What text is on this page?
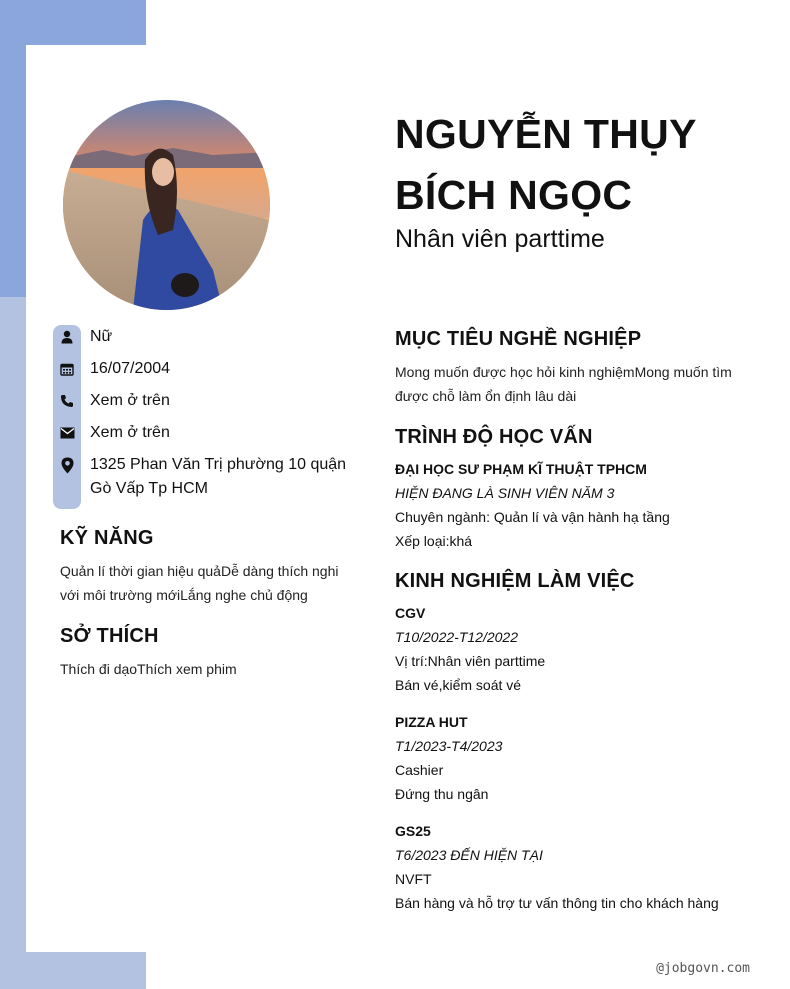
NGUYỄN THỤY
BÍCH NGỌC
Nhân viên parttime
Nữ
16/07/2004
Xem ở trên
Xem ở trên
1325 Phan Văn Trị phường 10 quận Gò Vấp Tp HCM
KỸ NĂNG
Quản lí thời gian hiệu quảDễ dàng thích nghi với môi trường mớiLắng nghe chủ động
SỞ THÍCH
Thích đi dạoThích xem phim
MỤC TIÊU NGHỀ NGHIỆP
Mong muốn được học hỏi kinh nghiệmMong muốn tìm được chỗ làm ổn định lâu dài
TRÌNH ĐỘ HỌC VẤN
ĐẠI HỌC SƯ PHẠM KĨ THUẬT TPHCM
HIỆN ĐANG LÀ SINH VIÊN NĂM 3
Chuyên ngành: Quản lí và vận hành hạ tầng
Xếp loại:khá
KINH NGHIỆM LÀM VIỆC
CGV
T10/2022-T12/2022
Vị trí:Nhân viên parttime
Bán vé,kiểm soát vé
PIZZA HUT
T1/2023-T4/2023
Cashier
Đứng thu ngân
GS25
T6/2023 ĐẾN HIỆN TẠI
NVFT
Bán hàng và hỗ trợ tư vấn thông tin cho khách hàng
@jobgovn.com
